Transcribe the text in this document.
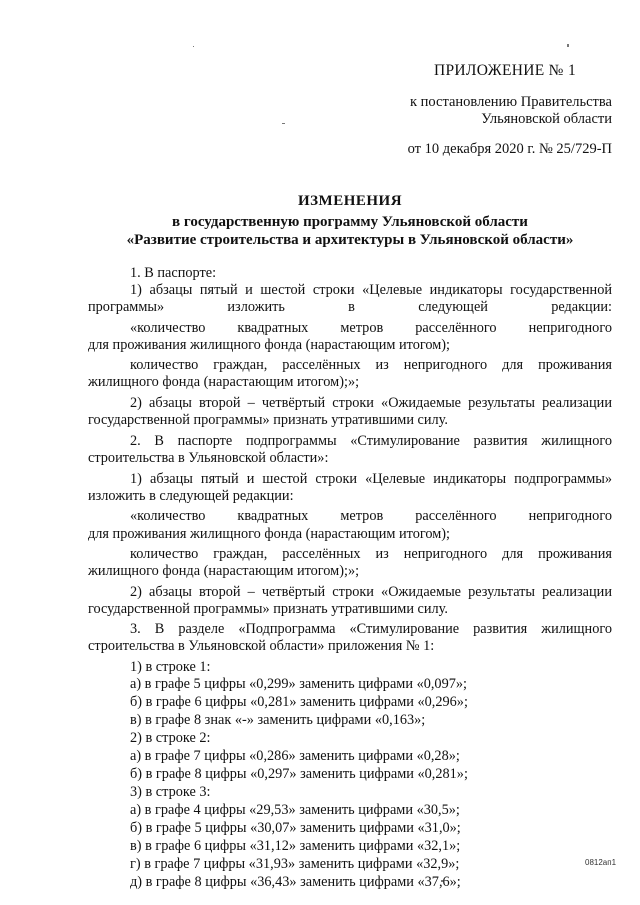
ПРИЛОЖЕНИЕ № 1
к постановлению Правительства
Ульяновской области
от 10 декабря 2020 г. № 25/729-П
ИЗМЕНЕНИЯ
в государственную программу Ульяновской области
«Развитие строительства и архитектуры в Ульяновской области»
1. В паспорте:
1) абзацы пятый и шестой строки «Целевые индикаторы государственной
программы» изложить в следующей редакции:
«количество квадратных метров расселённого непригодного
для проживания жилищного фонда (нарастающим итогом);
количество граждан, расселённых из непригодного для проживания
жилищного фонда (нарастающим итогом);»;
2) абзацы второй – четвёртый строки «Ожидаемые результаты реализации
государственной программы» признать утратившими силу.
2. В паспорте подпрограммы «Стимулирование развития жилищного
строительства в Ульяновской области»:
1) абзацы пятый и шестой строки «Целевые индикаторы подпрограммы»
изложить в следующей редакции:
«количество квадратных метров расселённого непригодного
для проживания жилищного фонда (нарастающим итогом);
количество граждан, расселённых из непригодного для проживания
жилищного фонда (нарастающим итогом);»;
2) абзацы второй – четвёртый строки «Ожидаемые результаты реализации
государственной программы» признать утратившими силу.
3. В разделе «Подпрограмма «Стимулирование развития жилищного
строительства в Ульяновской области» приложения № 1:
1) в строке 1:
а) в графе 5 цифры «0,299» заменить цифрами «0,097»;
б) в графе 6 цифры «0,281» заменить цифрами «0,296»;
в) в графе 8 знак «-» заменить цифрами «0,163»;
2) в строке 2:
а) в графе 7 цифры «0,286» заменить цифрами «0,28»;
б) в графе 8 цифры «0,297» заменить цифрами «0,281»;
3) в строке 3:
а) в графе 4 цифры «29,53» заменить цифрами «30,5»;
б) в графе 5 цифры «30,07» заменить цифрами «31,0»;
в) в графе 6 цифры «31,12» заменить цифрами «32,1»;
г) в графе 7 цифры «31,93» заменить цифрами «32,9»;
д) в графе 8 цифры «36,43» заменить цифрами «37,6»;
0812ап1
